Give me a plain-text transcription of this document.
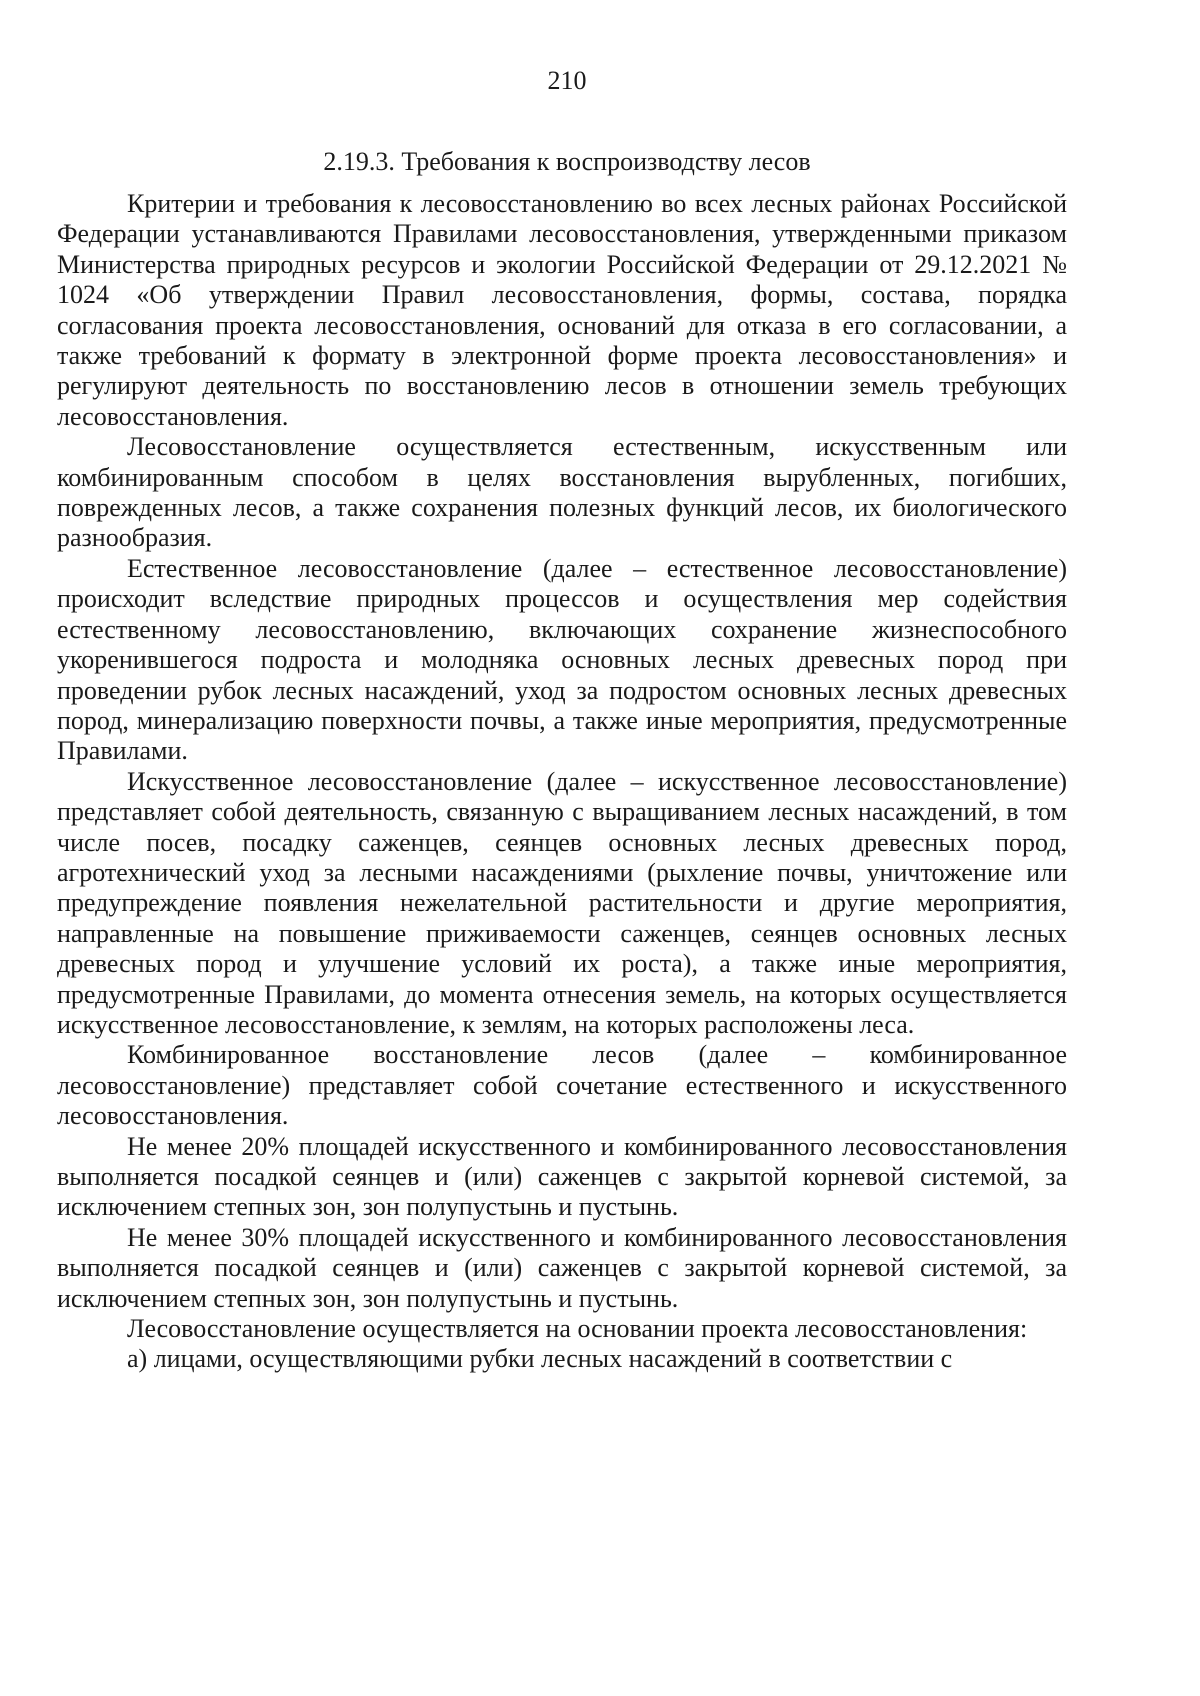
210
2.19.3. Требования к воспроизводству лесов

Критерии и требования к лесовосстановлению во всех лесных районах Российской Федерации устанавливаются Правилами лесовосстановления, утвержденными приказом Министерства природных ресурсов и экологии Российской Федерации от 29.12.2021 № 1024 «Об утверждении Правил лесовосстановления, формы, состава, порядка согласования проекта лесовосстановления, оснований для отказа в его согласовании, а также требований к формату в электронной форме проекта лесовосстановления» и регулируют деятельность по восстановлению лесов в отношении земель требующих лесовосстановления.

Лесовосстановление осуществляется естественным, искусственным или комбинированным способом в целях восстановления вырубленных, погибших, поврежденных лесов, а также сохранения полезных функций лесов, их биологического разнообразия.

Естественное лесовосстановление (далее – естественное лесовосстановление) происходит вследствие природных процессов и осуществления мер содействия естественному лесовосстановлению, включающих сохранение жизнеспособного укоренившегося подроста и молодняка основных лесных древесных пород при проведении рубок лесных насаждений, уход за подростом основных лесных древесных пород, минерализацию поверхности почвы, а также иные мероприятия, предусмотренные Правилами.

Искусственное лесовосстановление (далее – искусственное лесовосстановление) представляет собой деятельность, связанную с выращиванием лесных насаждений, в том числе посев, посадку саженцев, сеянцев основных лесных древесных пород, агротехнический уход за лесными насаждениями (рыхление почвы, уничтожение или предупреждение появления нежелательной растительности и другие мероприятия, направленные на повышение приживаемости саженцев, сеянцев основных лесных древесных пород и улучшение условий их роста), а также иные мероприятия, предусмотренные Правилами, до момента отнесения земель, на которых осуществляется искусственное лесовосстановление, к землям, на которых расположены леса.

Комбинированное восстановление лесов (далее – комбинированное лесовосстановление) представляет собой сочетание естественного и искусственного лесовосстановления.

Не менее 20% площадей искусственного и комбинированного лесовосстановления выполняется посадкой сеянцев и (или) саженцев с закрытой корневой системой, за исключением степных зон, зон полупустынь и пустынь.

Не менее 30% площадей искусственного и комбинированного лесовосстановления выполняется посадкой сеянцев и (или) саженцев с закрытой корневой системой, за исключением степных зон, зон полупустынь и пустынь.

Лесовосстановление осуществляется на основании проекта лесовосстановления:

а) лицами, осуществляющими рубки лесных насаждений в соответствии с
